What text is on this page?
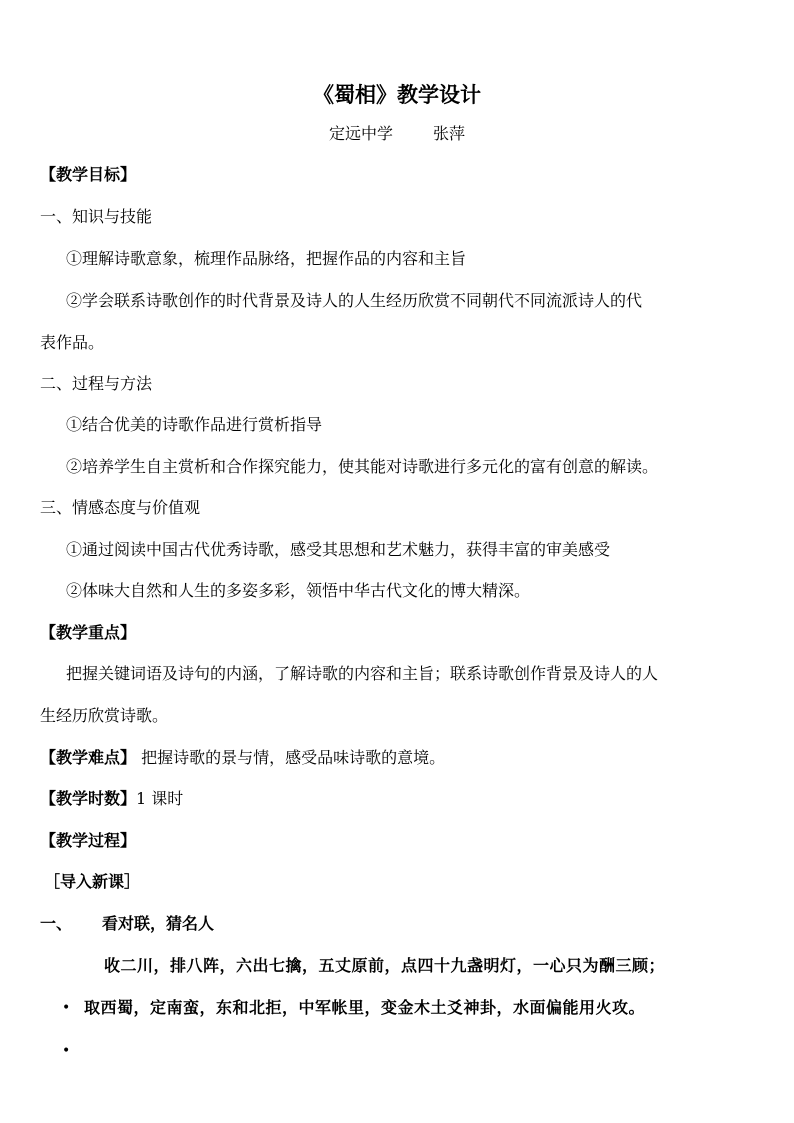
《蜀相》教学设计
定远中学	张萍
【教学目标】
一、知识与技能
①理解诗歌意象，梳理作品脉络，把握作品的内容和主旨
②学会联系诗歌创作的时代背景及诗人的人生经历欣赏不同朝代不同流派诗人的代
表作品。
二、过程与方法
①结合优美的诗歌作品进行赏析指导
②培养学生自主赏析和合作探究能力，使其能对诗歌进行多元化的富有创意的解读。
三、情感态度与价值观
①通过阅读中国古代优秀诗歌，感受其思想和艺术魅力，获得丰富的审美感受
②体味大自然和人生的多姿多彩，领悟中华古代文化的博大精深。
【教学重点】
把握关键词语及诗句的内涵，了解诗歌的内容和主旨；联系诗歌创作背景及诗人的人
生经历欣赏诗歌。
【教学难点】 把握诗歌的景与情，感受品味诗歌的意境。
【教学时数】1 课时
【教学过程】
［导入新课］
一、 看对联，猜名人
收二川，排八阵，六出七擒，五丈原前，点四十九盏明灯，一心只为酬三顾；
• 取西蜀，定南蛮，东和北拒，中军帐里，变金木土爻神卦，水面偏能用火攻。
•
